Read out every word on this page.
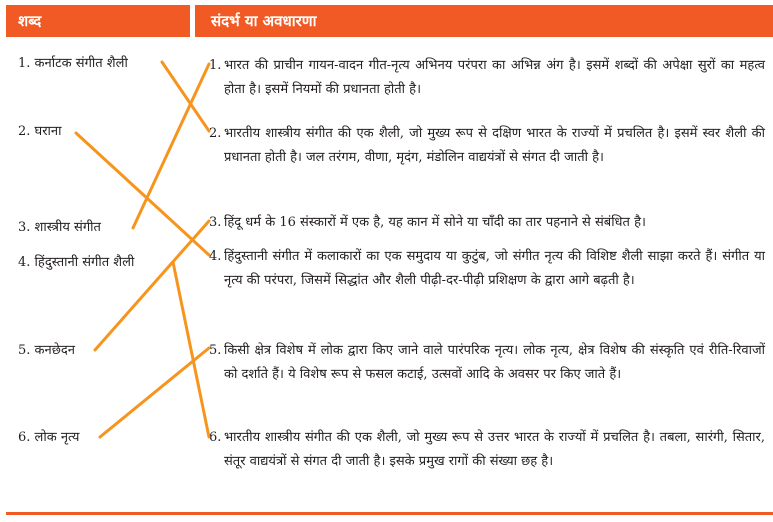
शब्द	संदर्भ या अवधारणा
1. कर्नाटक संगीत शैली
2. घराना
3. शास्त्रीय संगीत
4. हिंदुस्तानी संगीत शैली
5. कनछेदन
6. लोक नृत्य
1. भारत की प्राचीन गायन-वादन गीत-नृत्य अभिनय परंपरा का अभिन्न अंग है। इसमें शब्दों की अपेक्षा सुरों का महत्व होता है। इसमें नियमों की प्रधानता होती है।
2. भारतीय शास्त्रीय संगीत की एक शैली, जो मुख्य रूप से दक्षिण भारत के राज्यों में प्रचलित है। इसमें स्वर शैली की प्रधानता होती है। जल तरंगम, वीणा, मृदंग, मंडोलिन वाद्ययंत्रों से संगत दी जाती है।
3. हिंदू धर्म के 16 संस्कारों में एक है, यह कान में सोने या चाँदी का तार पहनाने से संबंधित है।
4. हिंदुस्तानी संगीत में कलाकारों का एक समुदाय या कुटुंब, जो संगीत नृत्य की विशिष्ट शैली साझा करते हैं। संगीत या नृत्य की परंपरा, जिसमें सिद्धांत और शैली पीढ़ी-दर-पीढ़ी प्रशिक्षण के द्वारा आगे बढ़ती है।
5. किसी क्षेत्र विशेष में लोक द्वारा किए जाने वाले पारंपरिक नृत्य। लोक नृत्य, क्षेत्र विशेष की संस्कृति एवं रीति-रिवाजों को दर्शाते हैं। ये विशेष रूप से फसल कटाई, उत्सवों आदि के अवसर पर किए जाते हैं।
6. भारतीय शास्त्रीय संगीत की एक शैली, जो मुख्य रूप से उत्तर भारत के राज्यों में प्रचलित है। तबला, सारंगी, सितार, संतूर वाद्ययंत्रों से संगत दी जाती है। इसके प्रमुख रागों की संख्या छह है।
